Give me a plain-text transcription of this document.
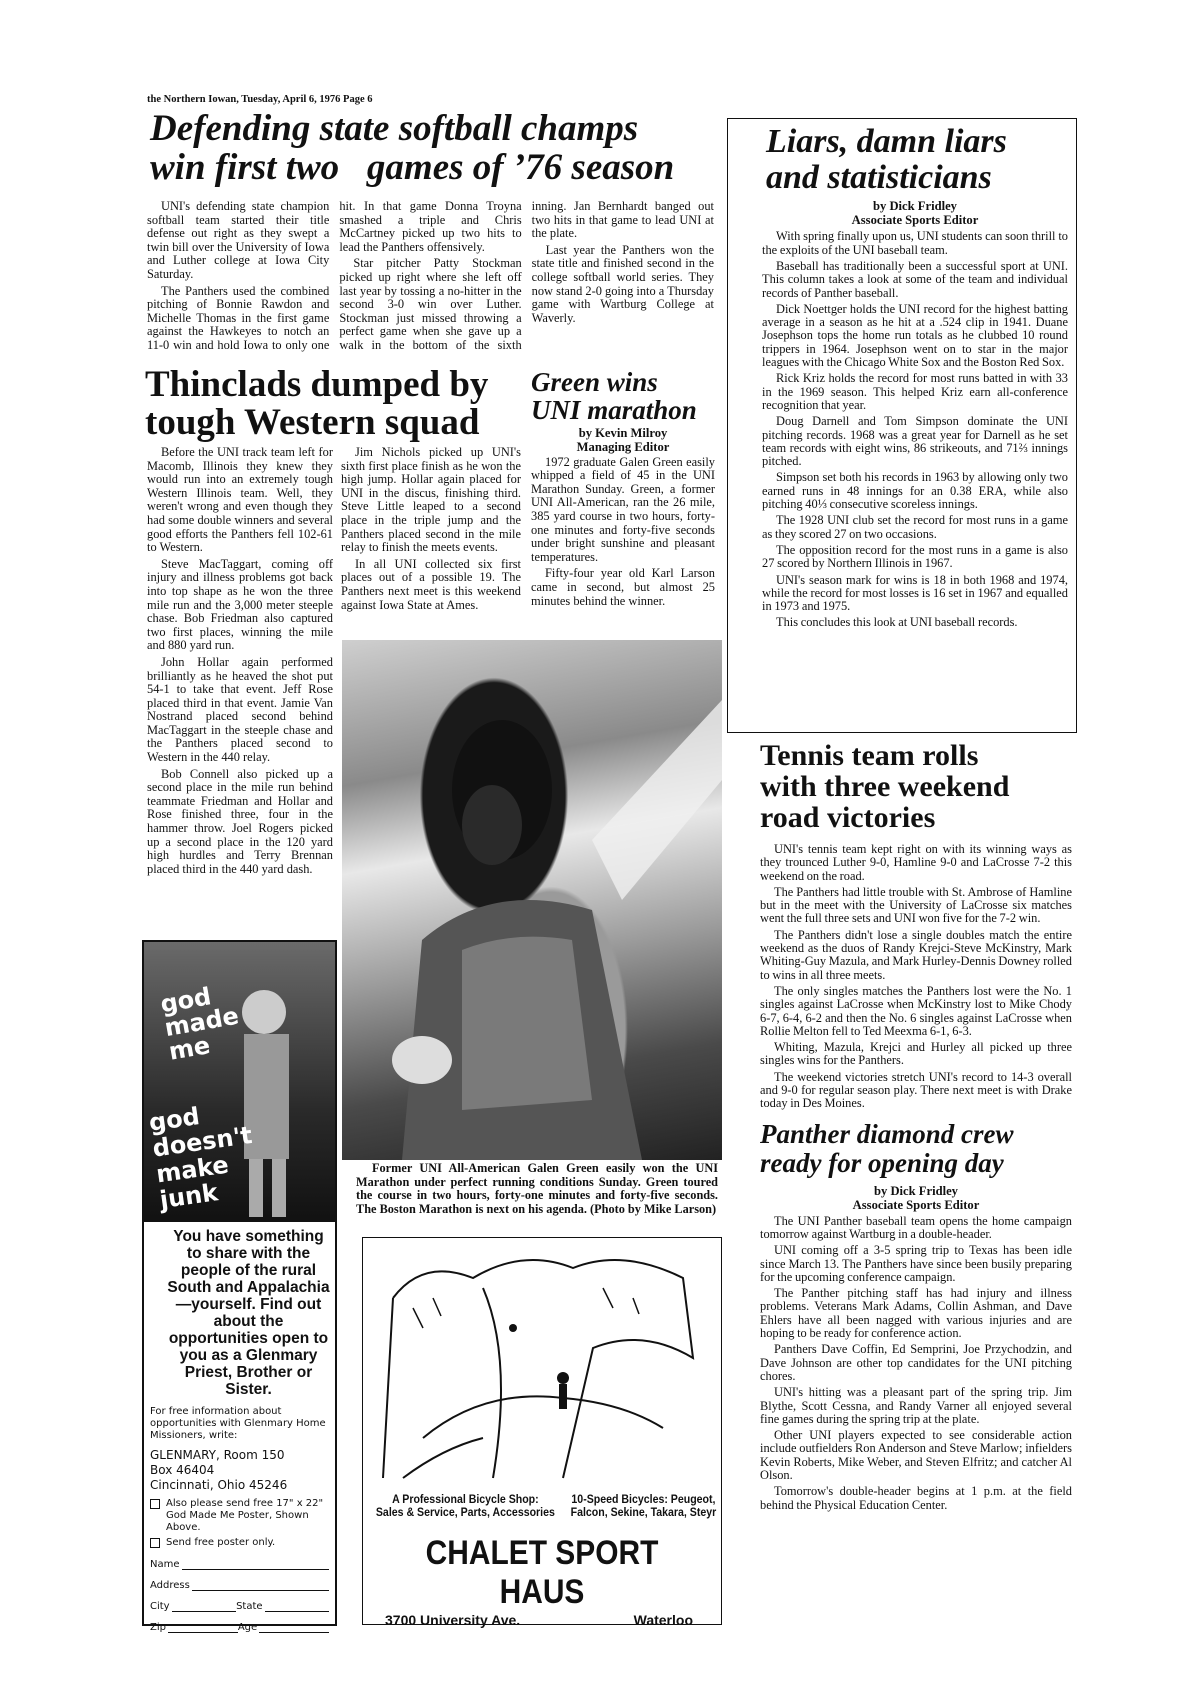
the Northern Iowan, Tuesday, April 6, 1976 Page 6
Defending state softball champs
win first two   games of ’76 season

UNI's defending state champion softball team started their title defense out right as they swept a twin bill over the University of Iowa and Luther college at Iowa City Saturday.

The Panthers used the combined pitching of Bonnie Rawdon and Michelle Thomas in the first game against the Hawkeyes to notch an 11-0 win and hold Iowa to only one hit. In that game Donna Troyna smashed a triple and Chris McCartney picked up two hits to lead the Panthers offensively.

Star pitcher Patty Stockman picked up right where she left off last year by tossing a no-hitter in the second 3-0 win over Luther. Stockman just missed throwing a perfect game when she gave up a walk in the bottom of the sixth inning. Jan Bernhardt banged out two hits in that game to lead UNI at the plate.

Last year the Panthers won the state title and finished second in the college softball world series. They now stand 2-0 going into a Thursday game with Wartburg College at Waverly.

Thinclads dumped by
tough Western squad

Before the UNI track team left for Macomb, Illinois they knew they would run into an extremely tough Western Illinois team. Well, they weren't wrong and even though they had some double winners and several good efforts the Panthers fell 102-61 to Western.

Steve MacTaggart, coming off injury and illness problems got back into top shape as he won the three mile run and the 3,000 meter steeple chase. Bob Friedman also captured two first places, winning the mile and 880 yard run.

John Hollar again performed brilliantly as he heaved the shot put 54-1 to take that event. Jeff Rose placed third in that event. Jamie Van Nostrand placed second behind MacTaggart in the steeple chase and the Panthers placed second to Western in the 440 relay.

Bob Connell also picked up a second place in the mile run behind teammate Friedman and Hollar and Rose finished three, four in the hammer throw. Joel Rogers picked up a second place in the 120 yard high hurdles and Terry Brennan placed third in the 440 yard dash.

Jim Nichols picked up UNI's sixth first place finish as he won the high jump. Hollar again placed for UNI in the discus, finishing third. Steve Little leaped to a second place in the triple jump and the Panthers placed second in the mile relay to finish the meets events.

In all UNI collected six first places out of a possible 19. The Panthers next meet is this weekend against Iowa State at Ames.

Green wins
UNI marathon
by Kevin Milroy
Managing Editor

1972 graduate Galen Green easily whipped a field of 45 in the UNI Marathon Sunday. Green, a former UNI All-American, ran the 26 mile, 385 yard course in two hours, forty-one minutes and forty-five seconds under bright sunshine and pleasant temperatures.

Fifty-four year old Karl Larson came in second, but almost 25 minutes behind the winner.

Former UNI All-American Galen Green easily won the UNI Marathon under perfect running conditions Sunday. Green toured the course in two hours, forty-one minutes and forty-five seconds. The Boston Marathon is next on his agenda. (Photo by Mike Larson)
A Professional Bicycle Shop:
Sales & Service, Parts, Accessories
10-Speed Bicycles: Peugeot,
Falcon, Sekine, Takara, Steyr
CHALET SPORT HAUS
3700 University Ave.	Waterloo
god made me
god doesn't make junk
You have something to share with the people of the rural South and Appalachia—yourself. Find out about the opportunities open to you as a Glenmary Priest, Brother or Sister.
For free information about opportunities with Glenmary Home Missioners, write:
GLENMARY, Room 150
Box 46404
Cincinnati, Ohio 45246
Also please send free 17" x 22" God Made Me Poster, Shown Above.
Send free poster only.
Name
Address
City	State
Zip	Age
Liars, damn liars
and statisticians
by Dick Fridley
Associate Sports Editor

With spring finally upon us, UNI students can soon thrill to the exploits of the UNI baseball team.

Baseball has traditionally been a successful sport at UNI. This column takes a look at some of the team and individual records of Panther baseball.

Dick Noettger holds the UNI record for the highest batting average in a season as he hit at a .524 clip in 1941. Duane Josephson tops the home run totals as he clubbed 10 round trippers in 1964. Josephson went on to star in the major leagues with the Chicago White Sox and the Boston Red Sox.

Rick Kriz holds the record for most runs batted in with 33 in the 1969 season. This helped Kriz earn all-conference recognition that year.

Doug Darnell and Tom Simpson dominate the UNI pitching records. 1968 was a great year for Darnell as he set team records with eight wins, 86 strikeouts, and 71⅔ innings pitched.

Simpson set both his records in 1963 by allowing only two earned runs in 48 innings for an 0.38 ERA, while also pitching 40⅓ consecutive scoreless innings.

The 1928 UNI club set the record for most runs in a game as they scored 27 on two occasions.

The opposition record for the most runs in a game is also 27 scored by Northern Illinois in 1967.

UNI's season mark for wins is 18 in both 1968 and 1974, while the record for most losses is 16 set in 1967 and equalled in 1973 and 1975.

This concludes this look at UNI baseball records.

Tennis team rolls
with three weekend
road victories

UNI's tennis team kept right on with its winning ways as they trounced Luther 9-0, Hamline 9-0 and LaCrosse 7-2 this weekend on the road.

The Panthers had little trouble with St. Ambrose of Hamline but in the meet with the University of LaCrosse six matches went the full three sets and UNI won five for the 7-2 win.

The Panthers didn't lose a single doubles match the entire weekend as the duos of Randy Krejci-Steve McKinstry, Mark Whiting-Guy Mazula, and Mark Hurley-Dennis Downey rolled to wins in all three meets.

The only singles matches the Panthers lost were the No. 1 singles against LaCrosse when McKinstry lost to Mike Chody 6-7, 6-4, 6-2 and then the No. 6 singles against LaCrosse when Rollie Melton fell to Ted Meexma 6-1, 6-3.

Whiting, Mazula, Krejci and Hurley all picked up three singles wins for the Panthers.

The weekend victories stretch UNI's record to 14-3 overall and 9-0 for regular season play. There next meet is with Drake today in Des Moines.

Panther diamond crew
ready for opening day
by Dick Fridley
Associate Sports Editor

The UNI Panther baseball team opens the home campaign tomorrow against Wartburg in a double-header.

UNI coming off a 3-5 spring trip to Texas has been idle since March 13. The Panthers have since been busily preparing for the upcoming conference campaign.

The Panther pitching staff has had injury and illness problems. Veterans Mark Adams, Collin Ashman, and Dave Ehlers have all been nagged with various injuries and are hoping to be ready for conference action.

Panthers Dave Coffin, Ed Semprini, Joe Przychodzin, and Dave Johnson are other top candidates for the UNI pitching chores.

UNI's hitting was a pleasant part of the spring trip. Jim Blythe, Scott Cessna, and Randy Varner all enjoyed several fine games during the spring trip at the plate.

Other UNI players expected to see considerable action include outfielders Ron Anderson and Steve Marlow; infielders Kevin Roberts, Mike Weber, and Steven Elfritz; and catcher Al Olson.

Tomorrow's double-header begins at 1 p.m. at the field behind the Physical Education Center.
